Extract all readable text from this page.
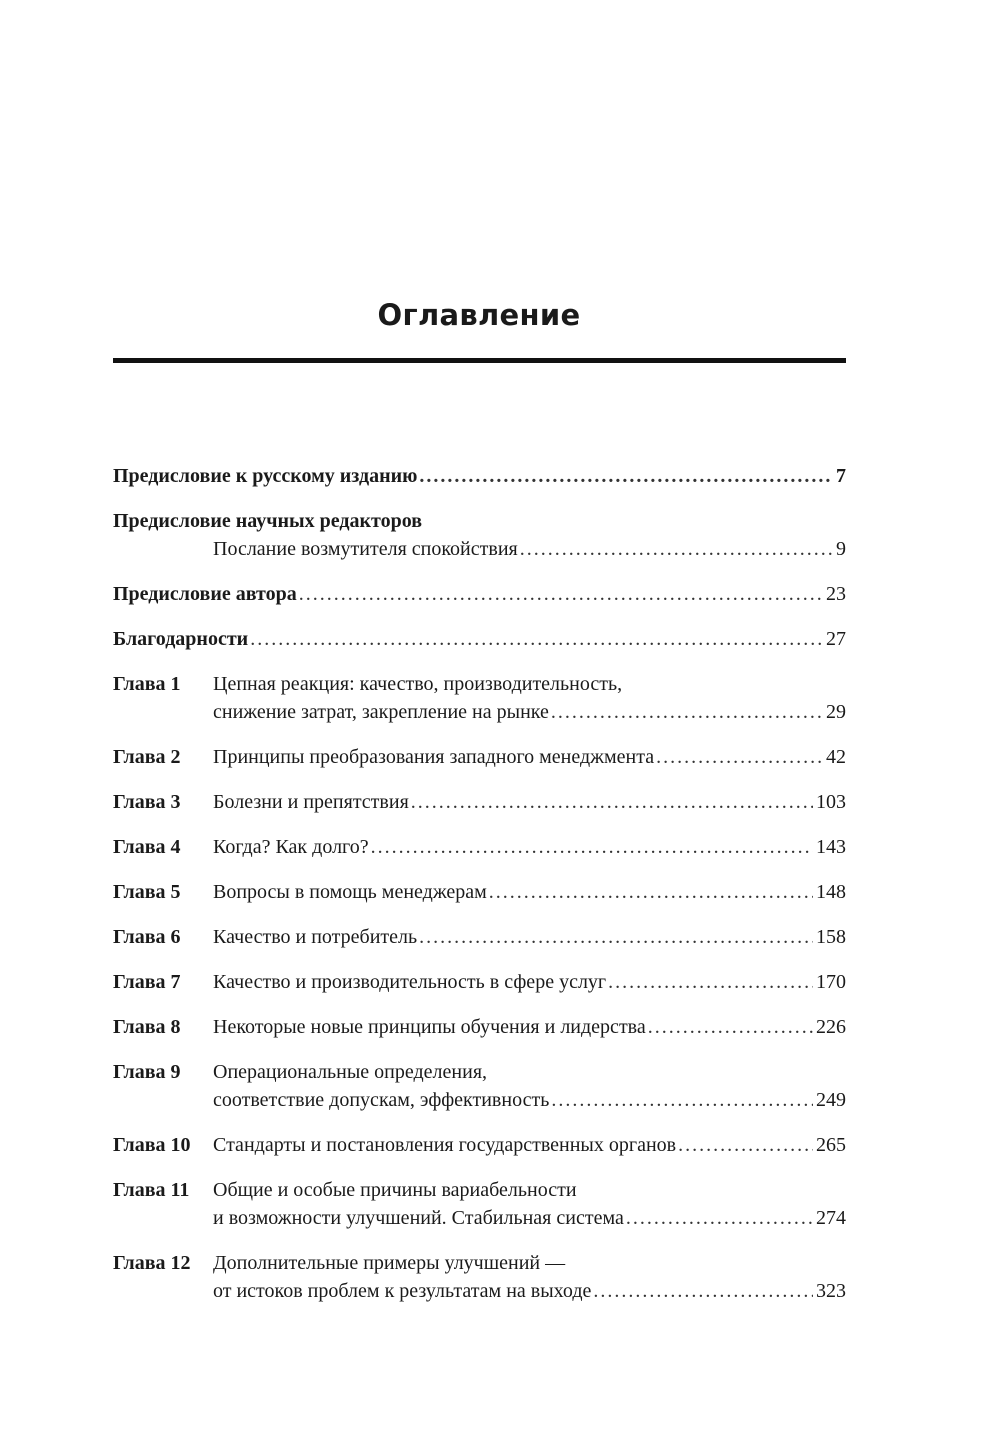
Оглавление
Предисловие к русскому изданию .....	7
Предисловие научных редакторов
Послание возмутителя спокойствия .....	9
Предисловие автора .....	23
Благодарности .....	27
Глава 1 Цепная реакция: качество, производительность,
снижение затрат, закрепление на рынке .....	29
Глава 2 Принципы преобразования западного менеджмента .....	42
Глава 3 Болезни и препятствия .....	103
Глава 4 Когда? Как долго? .....	143
Глава 5 Вопросы в помощь менеджерам .....	148
Глава 6 Качество и потребитель .....	158
Глава 7 Качество и производительность в сфере услуг .....	170
Глава 8 Некоторые новые принципы обучения и лидерства .....	226
Глава 9 Операциональные определения,
соответствие допускам, эффективность .....	249
Глава 10 Стандарты и постановления государственных органов .....	265
Глава 11 Общие и особые причины вариабельности
и возможности улучшений. Стабильная система .....	274
Глава 12 Дополнительные примеры улучшений —
от истоков проблем к результатам на выходе .....	323
